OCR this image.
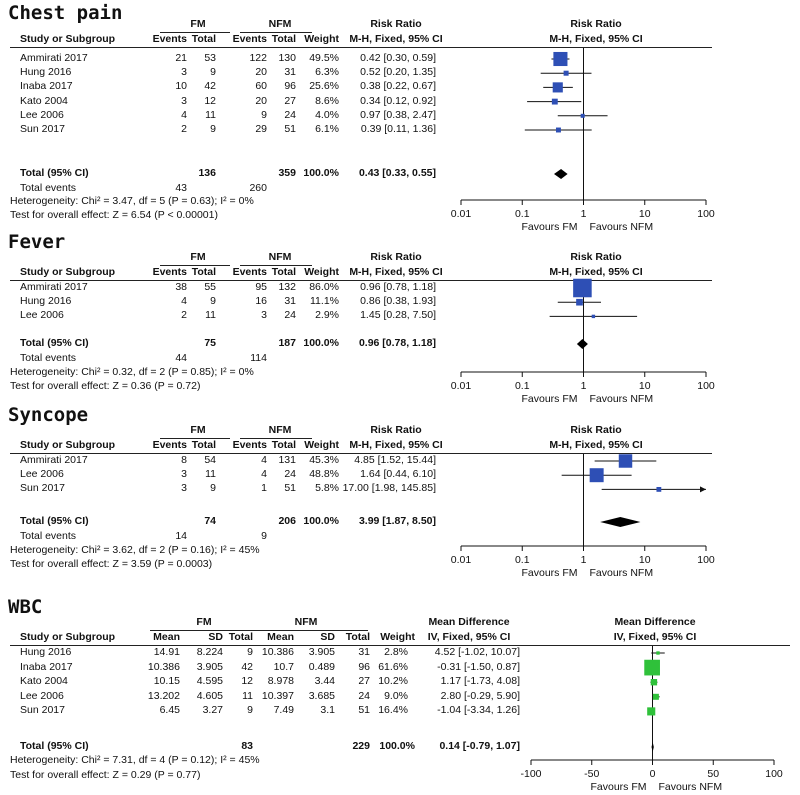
Chest pain	FM	NFM	Risk Ratio	Risk Ratio
Study or Subgroup	Events Total Events Total Weight M-H, Fixed, 95% CI	M-H, Fixed, 95% CI
Ammirati 2017	21 53	122 130 49.5% 0.42 [0.30, 0.59]
Hung 2016	3 9	20 31 6.3% 0.52 [0.20, 1.35]
Inaba 2017	10 42	60 96 25.6% 0.38 [0.22, 0.67]
Kato 2004	3 12	20 27 8.6% 0.34 [0.12, 0.92]
Lee 2006	4 11	9 24 4.0% 0.97 [0.38, 2.47]
Sun 2017	2 9	29 51 6.1% 0.39 [0.11, 1.36]
Total (95% CI)	136	359 100.0% 0.43 [0.33, 0.55]
Total events	43	260
Heterogeneity: Chi² = 3.47, df = 5 (P = 0.63); I² = 0%
Test for overall effect: Z = 6.54 (P < 0.00001)	0.01	0.1	1	10	100
Favours FM Favours NFM
Fever
FM	NFM	Risk Ratio	Risk Ratio
Study or Subgroup	Events Total Events Total Weight M-H, Fixed, 95% CI	M-H, Fixed, 95% CI
Ammirati 2017	38 55	95 132 86.0% 0.96 [0.78, 1.18]
Hung 2016	4 9	16 31 11.1% 0.86 [0.38, 1.93]
Lee 2006	2 11	3 24 2.9% 1.45 [0.28, 7.50]
Total (95% CI)	75	187 100.0% 0.96 [0.78, 1.18]
Total events	44	114
Heterogeneity: Chi² = 0.32, df = 2 (P = 0.85); I² = 0%
Test for overall effect: Z = 0.36 (P = 0.72)	0.01	0.1	1	10	100
Favours FM Favours NFM
Syncope
FM	NFM	Risk Ratio	Risk Ratio
Study or Subgroup	Events Total Events Total Weight M-H, Fixed, 95% CI	M-H, Fixed, 95% CI
Ammirati 2017	8 54	4 131 45.3% 4.85 [1.52, 15.44]
Lee 2006	3 11	4 24 48.8% 1.64 [0.44, 6.10]
Sun 2017	3 9	1 51 5.8% 17.00 [1.98, 145.85]
Total (95% CI)	74	206 100.0% 3.99 [1.87, 8.50]
Total events	14	9
Heterogeneity: Chi² = 3.62, df = 2 (P = 0.16); I² = 45%
Test for overall effect: Z = 3.59 (P = 0.0003)	0.01	0.1	1	10	100
Favours FM Favours NFM
WBC
FM	NFM	Mean Difference	Mean Difference
Study or Subgroup	Mean	SD Total Mean	SD Total Weight	IV, Fixed, 95% CI	IV, Fixed, 95% CI
Hung 2016	14.91 8.224 9 10.386 3.905 31 2.8%	4.52 [-1.02, 10.07]
Inaba 2017	10.386 3.905 42 10.7 0.489 96 61.6%	-0.31 [-1.50, 0.87]
Kato 2004	10.15 4.595 12 8.978 3.44 27 10.2%	1.17 [-1.73, 4.08]
Lee 2006	13.202 4.605 11 10.397 3.685 24 9.0%	2.80 [-0.29, 5.90]
Sun 2017	6.45 3.27 9 7.49	3.1 51 16.4%	-1.04 [-3.34, 1.26]
Total (95% CI)	83	229 100.0% 0.14 [-0.79, 1.07]
Heterogeneity: Chi² = 7.31, df = 4 (P = 0.12); I² = 45%
Test for overall effect: Z = 0.29 (P = 0.77)	-100	-50	0	50	100
Favours FM Favours NFM
